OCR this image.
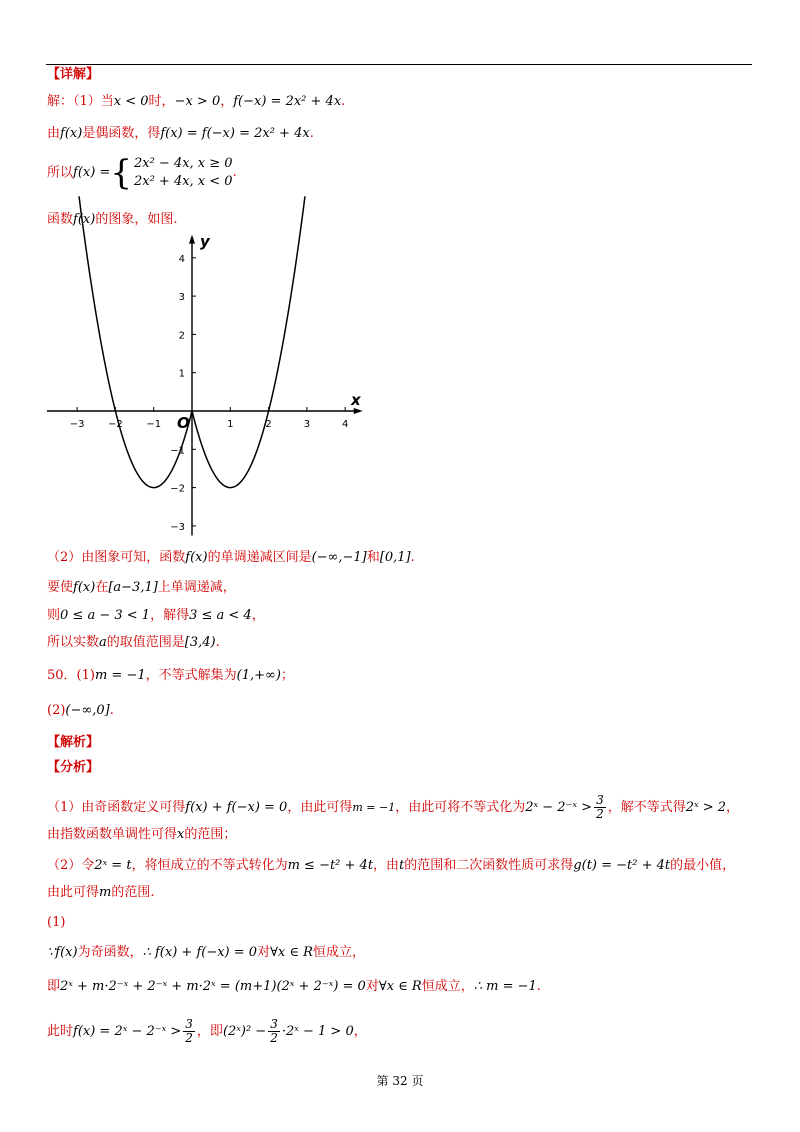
【详解】
解：（1）当x < 0时，−x > 0，f(−x) = 2x² + 4x.
由f(x)是偶函数，得f(x) = f(−x) = 2x² + 4x.
所以f(x) = { 2x² − 4x, x ≥ 0
2x² + 4x, x < 0
.
函数f(x)的图象，如图.
−3 −2 −1	1	2	3	4
4
3
2
1
−1
−2
−3
x
y
O
（2）由图象可知，函数f(x)的单调递减区间是(−∞,−1]和[0,1].
要使f(x)在[a−3,1]上单调递减，
则0 ≤ a − 3 < 1，解得3 ≤ a < 4，
所以实数a的取值范围是[3,4).
50．(1)m = −1，不等式解集为(1,+∞)；
(2)(−∞,0].
【解析】
【分析】
（1）由奇函数定义可得f(x) + f(−x) = 0，由此可得m = −1，由此可将不等式化为2ˣ − 2⁻ˣ > $\frac{3}{2}$ ，解不等式得2ˣ > 2，
由指数函数单调性可得x的范围；
（2）令2ˣ = t，将恒成立的不等式转化为m ≤ −t² + 4t，由t的范围和二次函数性质可求得g(t) = −t² + 4t的最小值，
由此可得m的范围.
(1)
∵f(x)为奇函数，∴ f(x) + f(−x) = 0对∀x ∈ R恒成立，
即2ˣ + m·2⁻ˣ + 2⁻ˣ + m·2ˣ = (m+1)(2ˣ + 2⁻ˣ) = 0对∀x ∈ R恒成立，∴ m = −1.
此时f(x) = 2ˣ − 2⁻ˣ > $\frac{3}{2}$ ，即(2ˣ)² − $\frac{3}{2}$ ·2ˣ − 1 > 0，
第 32 页
